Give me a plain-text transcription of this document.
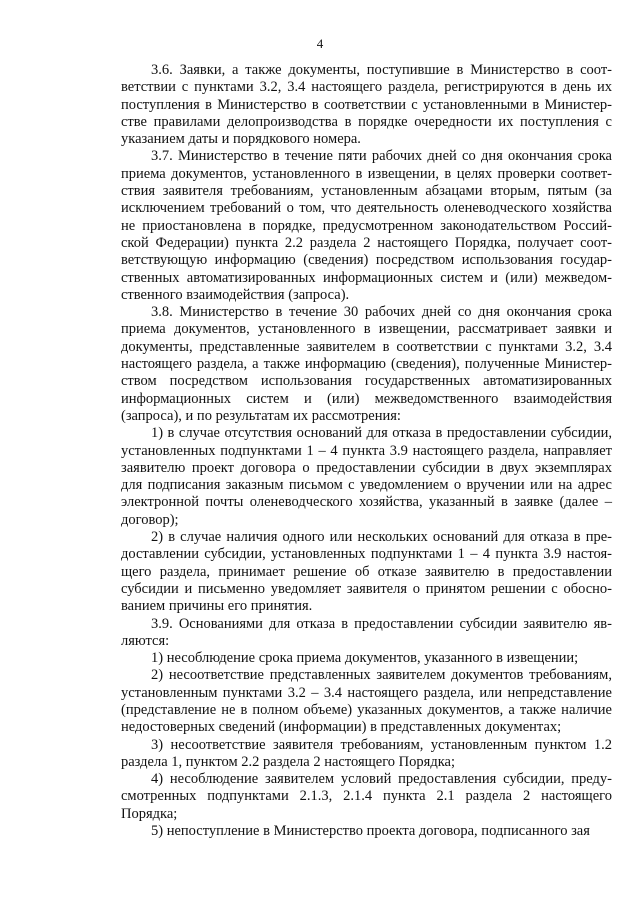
4

3.6. Заявки, а также документы, поступившие в Министерство в соответствии с пунктами 3.2, 3.4 настоящего раздела, регистрируются в день их поступления в Министерство в соответствии с установленными в Министерстве правилами делопроизводства в порядке очередности их поступления с указанием даты и порядкового номера.

3.7. Министерство в течение пяти рабочих дней со дня окончания срока приема документов, установленного в извещении, в целях проверки соответствия заявителя требованиям, установленным абзацами вторым, пятым (за исключением требований о том, что деятельность оленеводческого хозяйства не приостановлена в порядке, предусмотренном законодательством Российской Федерации) пункта 2.2 раздела 2 настоящего Порядка, получает соответствующую информацию (сведения) посредством использования государственных автоматизированных информационных систем и (или) межведомственного взаимодействия (запроса).

3.8. Министерство в течение 30 рабочих дней со дня окончания срока приема документов, установленного в извещении, рассматривает заявки и документы, представленные заявителем в соответствии с пунктами 3.2, 3.4 настоящего раздела, а также информацию (сведения), полученные Министерством посредством использования государственных автоматизированных информационных систем и (или) межведомственного взаимодействия (запроса), и по результатам их рассмотрения:

1) в случае отсутствия оснований для отказа в предоставлении субсидии, установленных подпунктами 1 – 4 пункта 3.9 настоящего раздела, направляет заявителю проект договора о предоставлении субсидии в двух экземплярах для подписания заказным письмом с уведомлением о вручении или на адрес электронной почты оленеводческого хозяйства, указанный в заявке (далее – договор);

2) в случае наличия одного или нескольких оснований для отказа в предоставлении субсидии, установленных подпунктами 1 – 4 пункта 3.9 настоящего раздела, принимает решение об отказе заявителю в предоставлении субсидии и письменно уведомляет заявителя о принятом решении с обоснованием причины его принятия.

3.9. Основаниями для отказа в предоставлении субсидии заявителю являются:

1) несоблюдение срока приема документов, указанного в извещении;

2) несоответствие представленных заявителем документов требованиям, установленным пунктами 3.2 – 3.4 настоящего раздела, или непредставление (представление не в полном объеме) указанных документов, а также наличие недостоверных сведений (информации) в представленных документах;

3) несоответствие заявителя требованиям, установленным пунктом 1.2 раздела 1, пунктом 2.2 раздела 2 настоящего Порядка;

4) несоблюдение заявителем условий предоставления субсидии, предусмотренных подпунктами 2.1.3, 2.1.4 пункта 2.1 раздела 2 настоящего Порядка;

5) непоступление в Министерство проекта договора, подписанного зая
